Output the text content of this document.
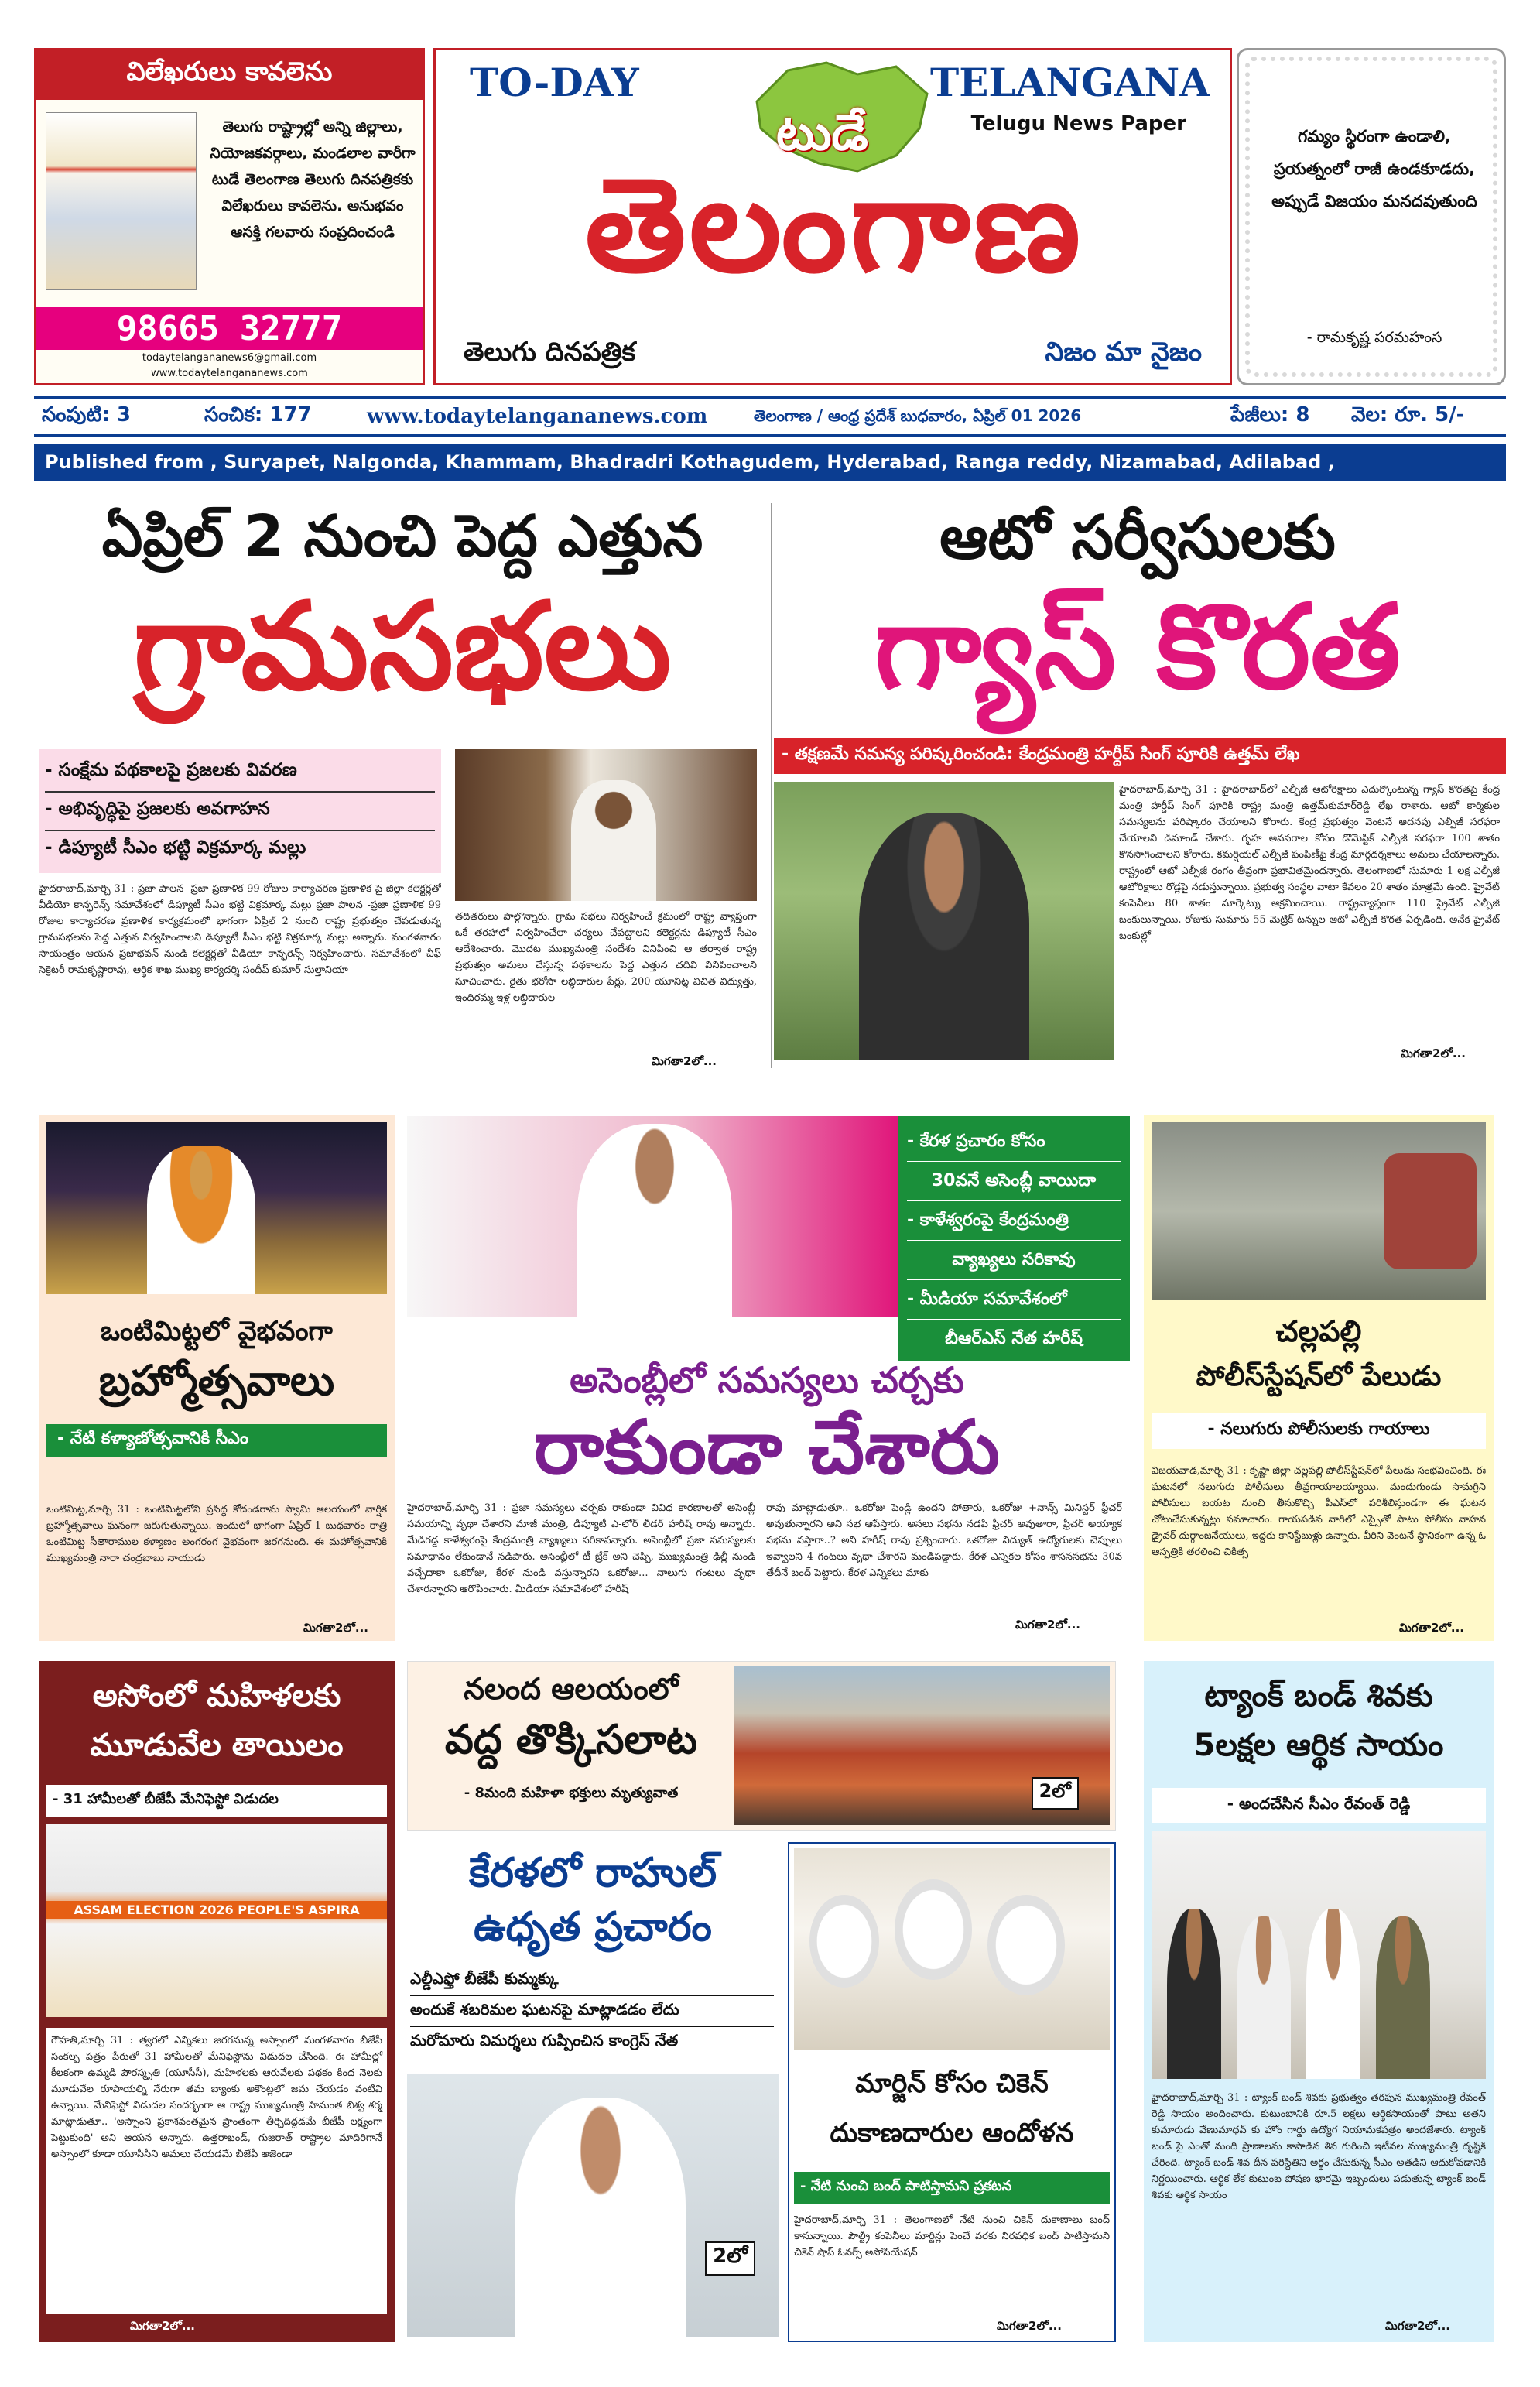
విలేఖరులు కావలెను
తెలుగు రాష్ట్రాల్లో అన్ని జిల్లాలు, నియోజకవర్గాలు, మండలాల వారీగా టుడే తెలంగాణ తెలుగు దినపత్రికకు విలేఖరులు కావలెను. అనుభవం ఆసక్తి గలవారు సంప్రదించండి
98665 32777
todaytelangananews6@gmail.com
www.todaytelangananews.com
TO-DAY	TELANGANA
Telugu News Paper
టుడే
తెలంగాణ
తెలుగు దినపత్రిక	నిజం మా నైజం
గమ్యం స్థిరంగా ఉండాలి, ప్రయత్నంలో రాజీ ఉండకూడదు, అప్పుడే విజయం మనదవుతుంది
- రామకృష్ణ పరమహంస
సంపుటి: 3	సంచిక: 177	www.todaytelangananews.com	తెలంగాణ / ఆంధ్ర ప్రదేశ్ బుధవారం, ఏప్రిల్ 01 2026	పేజీలు: 8 వెల: రూ. 5/-
Published from , Suryapet, Nalgonda, Khammam, Bhadradri Kothagudem, Hyderabad, Ranga reddy, Nizamabad, Adilabad ,
ఏప్రిల్ 2 నుంచి పెద్ద ఎత్తున
గ్రామసభలు
- సంక్షేమ పథకాలపై ప్రజలకు వివరణ
- అభివృద్ధిపై ప్రజలకు అవగాహన
- డిప్యూటీ సీఎం భట్టి విక్రమార్క మల్లు
హైదరాబాద్,మార్చి 31 : ప్రజా పాలన -ప్రజా ప్రణాళిక 99 రోజుల కార్యాచరణ ప్రణాళిక పై జిల్లా కలెక్టర్లతో వీడియో కాన్ఫరెన్స్ సమావేశంలో డిప్యూటీ సీఎం భట్టి విక్రమార్క మల్లు ప్రజా పాలన -ప్రజా ప్రణాళిక 99 రోజుల కార్యాచరణ ప్రణాళిక కార్యక్రమంలో భాగంగా ఏప్రిల్ 2 నుంచి రాష్ట్ర ప్రభుత్వం చేపడుతున్న గ్రామసభలను పెద్ద ఎత్తున నిర్వహించాలని డిప్యూటీ సీఎం భట్టి విక్రమార్క మల్లు అన్నారు. మంగళవారం సాయంత్రం ఆయన ప్రజాభవన్ నుండి కలెక్టర్లతో వీడియో కాన్ఫరెన్స్ నిర్వహించారు. సమావేశంలో చీఫ్ సెక్రెటరీ రామకృష్ణారావు, ఆర్థిక శాఖ ముఖ్య కార్యదర్శి సందీప్ కుమార్ సుల్తానియా
తదితరులు పాల్గొన్నారు. గ్రామ సభలు నిర్వహించే క్రమంలో రాష్ట్ర వ్యాప్తంగా ఒకే తరహాలో నిర్వహించేలా చర్యలు చేపట్టాలని కలెక్టర్లను డిప్యూటీ సీఎం ఆదేశించారు. మొదట ముఖ్యమంత్రి సందేశం వినిపించి ఆ తర్వాత రాష్ట్ర ప్రభుత్వం అమలు చేస్తున్న పథకాలను పెద్ద ఎత్తున చదివి వినిపించాలని సూచించారు. రైతు భరోసా లబ్ధిదారుల పేర్లు, 200 యూనిట్ల విచిత విద్యుత్తు, ఇందిరమ్మ ఇళ్ల లబ్ధిదారుల
మిగతా2లో...
ఆటో సర్వీసులకు
గ్యాస్ కొరత
- తక్షణమే సమస్య పరిష్కరించండి: కేంద్రమంత్రి హర్దీప్ సింగ్ పూరికి ఉత్తమ్ లేఖ
హైదరాబాద్,మార్చి 31 : హైదరాబాద్‌లో ఎల్పీజీ ఆటోరిక్షాలు ఎదుర్కొంటున్న గ్యాస్ కొరతపై కేంద్ర మంత్రి హర్దీప్ సింగ్ పూరికి రాష్ట్ర మంత్రి ఉత్తమ్‌కుమార్‌రెడ్డి లేఖ రాశారు. ఆటో కార్మికుల సమస్యలను పరిష్కారం చేయాలని కోరారు. కేంద్ర ప్రభుత్వం వెంటనే అదనపు ఎల్పీజీ సరఫరా చేయాలని డిమాండ్ చేశారు. గృహ అవసరాల కోసం డొమెస్టిక్ ఎల్పీజీ సరఫరా 100 శాతం కొనసాగించాలని కోరారు. కమర్షియల్ ఎల్పీజీ పంపిణీపై కేంద్ర మార్గదర్శకాలు అమలు చేయాలన్నారు. రాష్ట్రంలో ఆటో ఎల్పీజీ రంగం తీవ్రంగా ప్రభావితమైందన్నారు. తెలంగాణలో సుమారు 1 లక్ష ఎల్పీజీ ఆటోరిక్షాలు రోడ్లపై నడుస్తున్నాయి. ప్రభుత్వ సంస్థల వాటా కేవలం 20 శాతం మాత్రమే ఉంది. ప్రైవేట్ కంపెనీలు 80 శాతం మార్కెట్ను ఆక్రమించాయి. రాష్ట్రవ్యాప్తంగా 110 ప్రైవేట్ ఎల్పీజీ బంకులున్నాయి. రోజుకు సుమారు 55 మెట్రిక్ టన్నుల ఆటో ఎల్పీజీ కొరత ఏర్పడింది. అనేక ప్రైవేట్ బంకుల్లో
మిగతా2లో...
ఒంటిమిట్టలో వైభవంగా
బ్రహ్మోత్సవాలు
- నేటి కళ్యాణోత్సవానికి సీఎం
ఒంటిమిట్ట,మార్చి 31 : ఒంటిమిట్టలోని ప్రసిద్ధ కోదండరామ స్వామి ఆలయంలో వార్షిక బ్రహ్మోత్సవాలు ఘనంగా జరుగుతున్నాయి. ఇందులో భాగంగా ఏప్రిల్ 1 బుధవారం రాత్రి ఒంటిమిట్ట సీతారాముల కళ్యాణం అంగరంగ వైభవంగా జరగనుంది. ఈ మహోత్సవానికి ముఖ్యమంత్రి నారా చంద్రబాబు నాయుడు
మిగతా2లో...
- కేరళ ప్రచారం కోసం
30వనే అసెంబ్లీ వాయిదా
- కాళేశ్వరంపై కేంద్రమంత్రి
వ్యాఖ్యలు సరికావు
- మీడియా సమావేశంలో
బీఆర్ఎస్ నేత హరీష్
అసెంబ్లీలో సమస్యలు చర్చకు
రాకుండా చేశారు
హైదరాబాద్,మార్చి 31 : ప్రజా సమస్యలు చర్చకు రాకుండా వివిధ కారణాలతో అసెంబ్లీ సమయాన్ని వృథా చేశారని మాజీ మంత్రి, డిప్యూటీ ఎ-లోర్ లీడర్ హరీష్ రావు అన్నారు. మేడిగడ్డ కాళేశ్వరంపై కేంద్రమంత్రి వ్యాఖ్యలు సరికావన్నారు. అసెంబ్లీలో ప్రజా సమస్యలకు సమాధానం లేకుండానే నడిపారు. అసెంబ్లీలో టీ బ్రేక్ అని చెప్పి, ముఖ్యమంత్రి ఢిల్లీ నుండి వచ్చేదాకా ఒకరోజు, కేరళ నుండి వస్తున్నారని ఒకరోజు... నాలుగు గంటలు వృథా చేశారన్నారని ఆరోపించారు. మీడియా సమావేశంలో హరీష్
రావు మాట్లాడుతూ.. ఒకరోజు పెండ్లి ఉందని పోతారు, ఒకరోజు +నాన్స్ మినిస్టర్ ఫ్రీచర్ అవుతున్నారని అని సభ ఆపేస్తారు. అసలు సభను నడపి ఫ్రీచర్ అవుతారా, ఫ్రీచర్ అయ్యాక సభను వస్తారా..? అని హరీష్ రావు ప్రశ్నించారు. ఒకరోజు విద్యుత్ ఉద్యోగులకు చెప్పులు ఇవ్వాలని 4 గంటలు వృథా చేశారని మండిపడ్డారు. కేరళ ఎన్నికల కోసం శాసనసభను 30వ తేదీనే బంద్ పెట్టారు. కేరళ ఎన్నికలు మాకు
మిగతా2లో...
చల్లపల్లి
పోలీస్‌స్టేషన్‌లో పేలుడు
- నలుగురు పోలీసులకు గాయాలు
విజయవాడ,మార్చి 31 : కృష్ణా జిల్లా చల్లపల్లి పోలీస్‌స్టేషన్‌లో పేలుడు సంభవించింది. ఈ ఘటనలో నలుగురు పోలీసులు తీవ్రగాయాలయ్యాయి. మందుగుండు సామగ్రిని పోలీసులు బయట నుంచి తీసుకొచ్చి పీఎస్‌లో పరిశీలిస్తుండగా ఈ ఘటన చోటుచేసుకున్నట్లు సమాచారం. గాయపడిన వారిలో ఎస్సైతో పాటు పోలీసు వాహన డ్రైవర్ దుర్గాంజనేయులు, ఇద్దరు కానిస్టేబుళ్లు ఉన్నారు. వీరిని వెంటనే స్థానికంగా ఉన్న ఓ ఆస్పత్రికి తరలించి చికిత్స
మిగతా2లో...
అసోంలో మహిళలకు
మూడువేల తాయిలం
- 31 హామీలతో బీజేపీ మేనిఫెస్టో విడుదల
ASSAM ELECTION 2026 PEOPLE'S ASPIRA
గౌహతి,మార్చి 31 : త్వరలో ఎన్నికలు జరగనున్న అస్సాంలో మంగళవారం బీజేపీ సంకల్ప పత్రం పేరుతో 31 హామీలతో మేనిఫెస్టోను విడుదల చేసింది. ఈ హామీల్లో కీలకంగా ఉమ్మడి పౌరస్మృతి (యూసీసీ), మహిళలకు ఆరువేలకు పథకం కింద నెలకు మూడువేల రూపాయల్ని నేరుగా తమ బ్యాంకు అకౌంట్లలో జమ చేయడం వంటివి ఉన్నాయి. మేనిఫెస్టో విడుదల సందర్భంగా ఆ రాష్ట్ర ముఖ్యమంత్రి హిమంత బిశ్వ శర్మ మాట్లాడుతూ.. 'అస్సాంని ప్రకాశవంతమైన ప్రాంతంగా తీర్చిదిద్దడమే బీజేపీ లక్ష్యంగా పెట్టుకుంది' అని ఆయన అన్నారు. ఉత్తరాఖండ్, గుజరాత్ రాష్ట్రాల మాదిరిగానే అస్సాంలో కూడా యూసీసీని అమలు చేయడమే బీజేపీ అజెండా
మిగతా2లో...
నలంద ఆలయంలో
వద్ద తొక్కిసలాట
- 8మంది మహిళా భక్తులు మృత్యువాత	2లో
కేరళలో రాహుల్
ఉధృత ప్రచారం
ఎల్డీఎఫ్తో బీజేపీ కుమ్మక్కు
అందుకే శబరిమల ఘటనపై మాట్లాడడం లేదు
మరోమారు విమర్శలు గుప్పించిన కాంగ్రెస్ నేత
2లో
మార్జిన్ కోసం చికెన్
దుకాణదారుల ఆందోళన
- నేటి నుంచి బంద్ పాటిస్తామని ప్రకటన
హైదరాబాద్,మార్చి 31 : తెలంగాణలో నేటి నుంచి చికెన్ దుకాణాలు బంద్ కానున్నాయి. పౌల్ట్రీ కంపెనీలు మార్జిన్లు పెంచే వరకు నిరవధిక బంద్ పాటిస్తామని చికెన్ షాప్ ఓనర్స్ అసోసియేషన్
మిగతా2లో...
ట్యాంక్ బండ్ శివకు
5లక్షల ఆర్థిక సాయం
- అందచేసిన సీఎం రేవంత్ రెడ్డి
హైదరాబాద్,మార్చి 31 : ట్యాంక్ బండ్ శివకు ప్రభుత్వం తరఫున ముఖ్యమంత్రి రేవంత్ రెడ్డి సాయం అందించారు. కుటుంబానికి రూ.5 లక్షలు ఆర్థికసాయంతో పాటు అతని కుమారుడు వేణుమాధవ్ కు హోం గార్డు ఉద్యోగ నియామకపత్రం అందజేశారు. ట్యాంక్ బండ్ పై ఎంతో మంది ప్రాణాలను కాపాడిన శివ గురించి ఇటీవల ముఖ్యమంత్రి దృష్టికి చేరింది. ట్యాంక్ బండ్ శివ దీన పరిస్థితిని అర్థం చేసుకున్న సీఎం అతడిని ఆదుకోవడానికి నిర్ణయించారు. ఆర్థిక లేక కుటుంబ పోషణ భారమై ఇబ్బందులు పడుతున్న ట్యాంక్ బండ్ శివకు ఆర్థిక సాయం
మిగతా2లో...
